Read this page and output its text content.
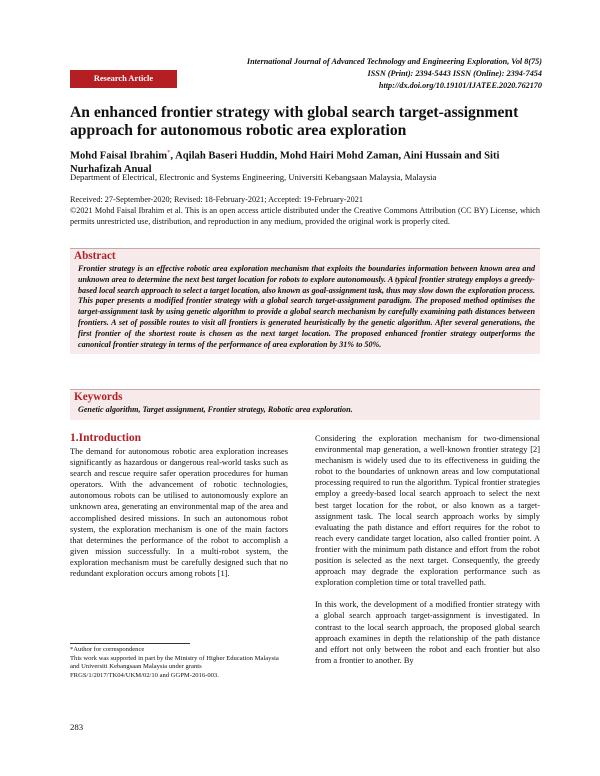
International Journal of Advanced Technology and Engineering Exploration, Vol 8(75)
ISSN (Print): 2394-5443 ISSN (Online): 2394-7454
http://dx.doi.org/10.19101/IJATEE.2020.762170
Research Article
An enhanced frontier strategy with global search target-assignment approach for autonomous robotic area exploration
Mohd Faisal Ibrahim*, Aqilah Baseri Huddin, Mohd Hairi Mohd Zaman, Aini Hussain and Siti Nurhafizah Anual
Department of Electrical, Electronic and Systems Engineering, Universiti Kebangsaan Malaysia, Malaysia
Received: 27-September-2020; Revised: 18-February-2021; Accepted: 19-February-2021
©2021 Mohd Faisal Ibrahim et al. This is an open access article distributed under the Creative Commons Attribution (CC BY) License, which permits unrestricted use, distribution, and reproduction in any medium, provided the original work is properly cited.
Abstract
Frontier strategy is an effective robotic area exploration mechanism that exploits the boundaries information between known area and unknown area to determine the next best target location for robots to explore autonomously. A typical frontier strategy employs a greedy-based local search approach to select a target location, also known as goal-assignment task, thus may slow down the exploration process. This paper presents a modified frontier strategy with a global search target-assignment paradigm. The proposed method optimises the target-assignment task by using genetic algorithm to provide a global search mechanism by carefully examining path distances between frontiers. A set of possible routes to visit all frontiers is generated heuristically by the genetic algorithm. After several generations, the first frontier of the shortest route is chosen as the next target location. The proposed enhanced frontier strategy outperforms the canonical frontier strategy in terms of the performance of area exploration by 31% to 50%.
Keywords
Genetic algorithm, Target assignment, Frontier strategy, Robotic area exploration.
1.Introduction

The demand for autonomous robotic area exploration increases significantly as hazardous or dangerous real-world tasks such as search and rescue require safer operation procedures for human operators. With the advancement of robotic technologies, autonomous robots can be utilised to autonomously explore an unknown area, generating an environmental map of the area and accomplished desired missions. In such an autonomous robot system, the exploration mechanism is one of the main factors that determines the performance of the robot to accomplish a given mission successfully. In a multi-robot system, the exploration mechanism must be carefully designed such that no redundant exploration occurs among robots [1].

Considering the exploration mechanism for two-dimensional environmental map generation, a well-known frontier strategy [2] mechanism is widely used due to its effectiveness in guiding the robot to the boundaries of unknown areas and low computational processing required to run the algorithm. Typical frontier strategies employ a greedy-based local search approach to select the next best target location for the robot, or also known as a target-assignment task. The local search approach works by simply evaluating the path distance and effort requires for the robot to reach every candidate target location, also called frontier point. A frontier with the minimum path distance and effort from the robot position is selected as the next target. Consequently, the greedy approach may degrade the exploration performance such as exploration completion time or total travelled path.

In this work, the development of a modified frontier strategy with a global search approach target-assignment is investigated. In contrast to the local search approach, the proposed global search approach examines in depth the relationship of the path distance and effort not only between the robot and each frontier but also from a frontier to another. By

*Author for correspondence
This work was supported in part by the Ministry of Higher Education Malaysia and Universiti Kebangsaan Malaysia under grants FRGS/1/2017/TK04/UKM/02/10 and GGPM-2016-003.
283
